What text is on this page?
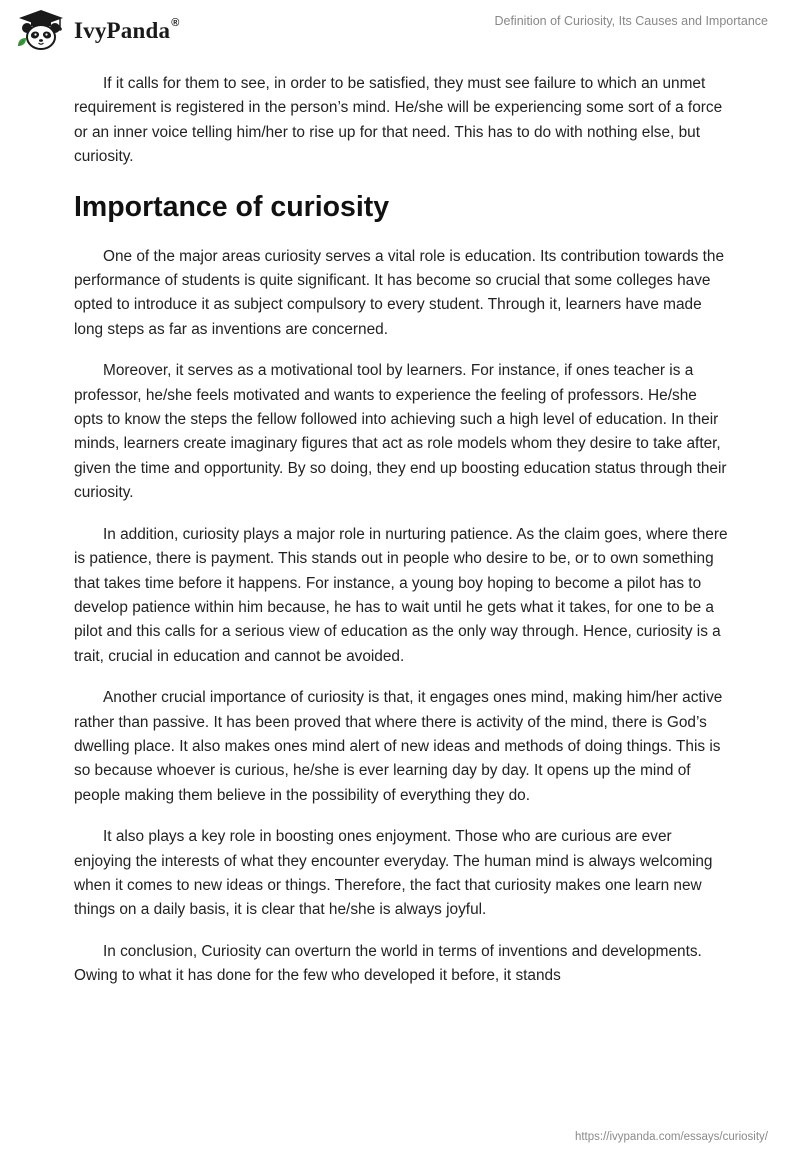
IvyPanda®	Definition of Curiosity, Its Causes and Importance

If it calls for them to see, in order to be satisfied, they must see failure to which an unmet requirement is registered in the person’s mind. He/she will be experiencing some sort of a force or an inner voice telling him/her to rise up for that need. This has to do with nothing else, but curiosity.

Importance of curiosity

One of the major areas curiosity serves a vital role is education. Its contribution towards the performance of students is quite significant. It has become so crucial that some colleges have opted to introduce it as subject compulsory to every student. Through it, learners have made long steps as far as inventions are concerned.

Moreover, it serves as a motivational tool by learners. For instance, if ones teacher is a professor, he/she feels motivated and wants to experience the feeling of professors. He/she opts to know the steps the fellow followed into achieving such a high level of education. In their minds, learners create imaginary figures that act as role models whom they desire to take after, given the time and opportunity. By so doing, they end up boosting education status through their curiosity.

In addition, curiosity plays a major role in nurturing patience. As the claim goes, where there is patience, there is payment. This stands out in people who desire to be, or to own something that takes time before it happens. For instance, a young boy hoping to become a pilot has to develop patience within him because, he has to wait until he gets what it takes, for one to be a pilot and this calls for a serious view of education as the only way through. Hence, curiosity is a trait, crucial in education and cannot be avoided.

Another crucial importance of curiosity is that, it engages ones mind, making him/her active rather than passive. It has been proved that where there is activity of the mind, there is God’s dwelling place. It also makes ones mind alert of new ideas and methods of doing things. This is so because whoever is curious, he/she is ever learning day by day. It opens up the mind of people making them believe in the possibility of everything they do.

It also plays a key role in boosting ones enjoyment. Those who are curious are ever enjoying the interests of what they encounter everyday. The human mind is always welcoming when it comes to new ideas or things. Therefore, the fact that curiosity makes one learn new things on a daily basis, it is clear that he/she is always joyful.

In conclusion, Curiosity can overturn the world in terms of inventions and developments. Owing to what it has done for the few who developed it before, it stands

https://ivypanda.com/essays/curiosity/
